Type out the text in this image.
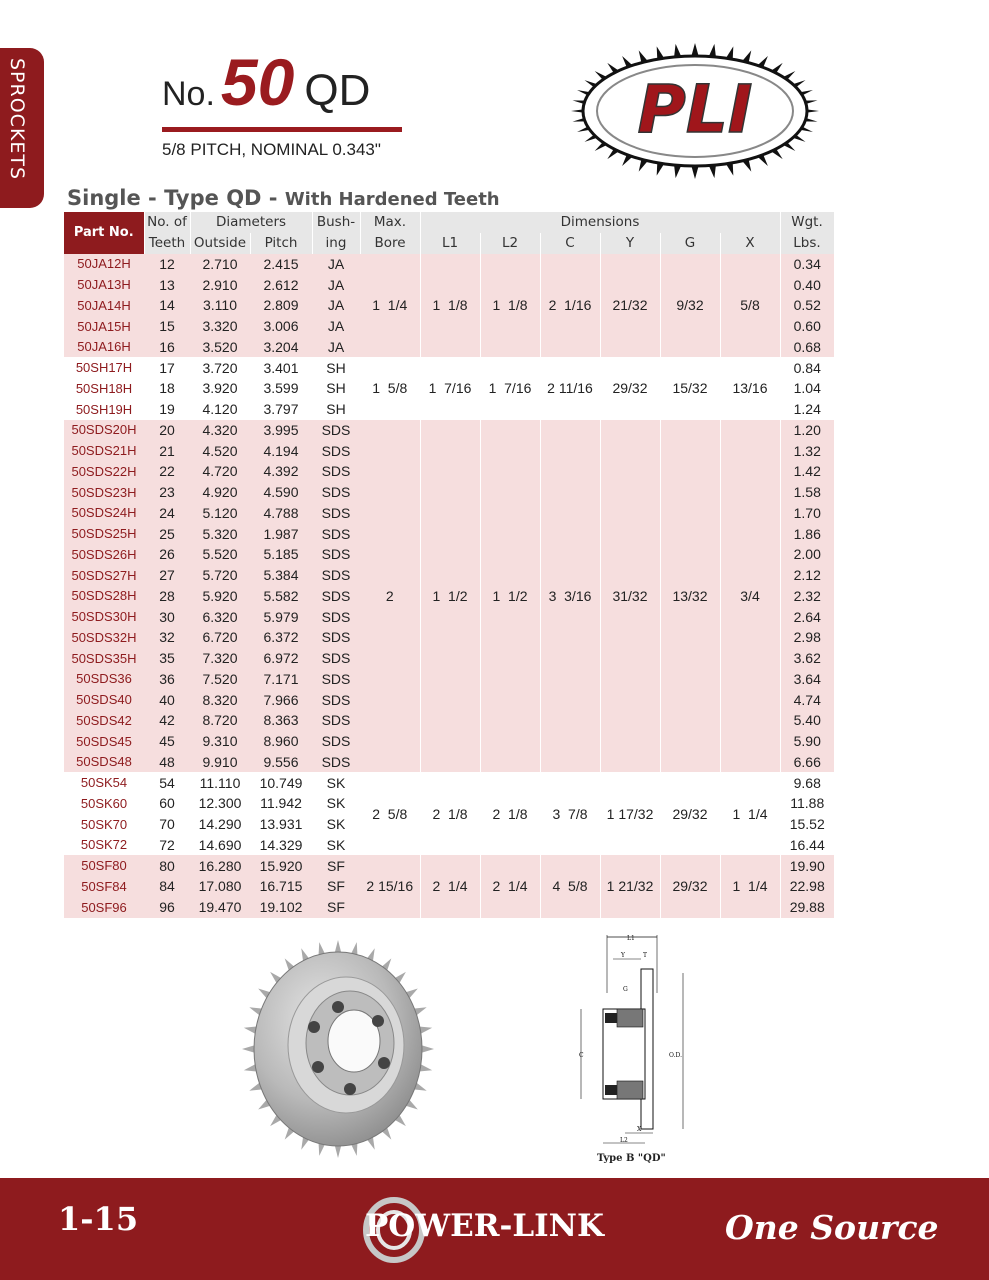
SPROCKETS	No.50 QD
5/8 PITCH, NOMINAL 0.343"
PLI
Single - Type QD - With Hardened Teeth
Part No.	No. of	Diameters		Bush-	Max.	Dimensions						Wgt.
	Teeth	Outside	Pitch	ing	Bore	L1	L2	C	Y	G	X	Lbs.
50JA12H	12	2.710	2.415	JA	1  1/4	1  1/8	1  1/8	2  1/16	21/32	9/32	5/8	0.34
50JA13H	13	2.910	2.612	JA								0.40
50JA14H	14	3.110	2.809	JA								0.52
50JA15H	15	3.320	3.006	JA								0.60
50JA16H	16	3.520	3.204	JA								0.68
50SH17H	17	3.720	3.401	SH	1  5/8	1  7/16	1  7/16	2 11/16	29/32	15/32	13/16	0.84
50SH18H	18	3.920	3.599	SH								1.04
50SH19H	19	4.120	3.797	SH								1.24
50SDS20H	20	4.320	3.995	SDS	2	1  1/2	1  1/2	3  3/16	31/32	13/32	3/4	1.20
50SDS21H	21	4.520	4.194	SDS								1.32
50SDS22H	22	4.720	4.392	SDS								1.42
50SDS23H	23	4.920	4.590	SDS								1.58
50SDS24H	24	5.120	4.788	SDS								1.70
50SDS25H	25	5.320	1.987	SDS								1.86
50SDS26H	26	5.520	5.185	SDS								2.00
50SDS27H	27	5.720	5.384	SDS								2.12
50SDS28H	28	5.920	5.582	SDS								2.32
50SDS30H	30	6.320	5.979	SDS								2.64
50SDS32H	32	6.720	6.372	SDS								2.98
50SDS35H	35	7.320	6.972	SDS								3.62
50SDS36	36	7.520	7.171	SDS								3.64
50SDS40	40	8.320	7.966	SDS								4.74
50SDS42	42	8.720	8.363	SDS								5.40
50SDS45	45	9.310	8.960	SDS								5.90
50SDS48	48	9.910	9.556	SDS								6.66
50SK54	54	11.110	10.749	SK	2  5/8	2  1/8	2  1/8	3  7/8	1 17/32	29/32	1  1/4	9.68
50SK60	60	12.300	11.942	SK								11.88
50SK70	70	14.290	13.931	SK								15.52
50SK72	72	14.690	14.329	SK								16.44
50SF80	80	16.280	15.920	SF	2 15/16	2  1/4	2  1/4	4  5/8	1 21/32	29/32	1  1/4	19.90
50SF84	84	17.080	16.715	SF								22.98
50SF96	96	19.470	19.102	SF								29.88
L1
Y	T
G
C	O.D.
X
L2
Type B "QD"
1-15	POWER-LINK	One Source
